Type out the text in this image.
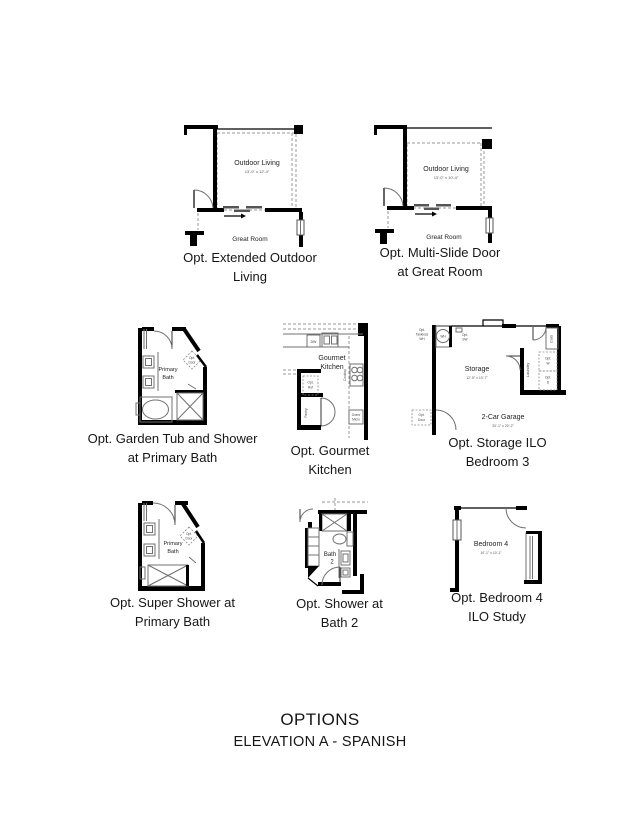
Outdoor Living
13'-0" x 12'-4"
Great Room
Opt. Extended Outdoor
Living
Outdoor Living
13'-0" x 10'-4"
Great Room
Opt. Multi-Slide Door
at Great Room
Opt.
Door
Primary
Bath
Opt. Garden Tub and Shower
at Primary Bath
DW
Cooktop
Oven/
Micro
Opt.
Ref
Pantry
Gourmet
Kitchen
Opt. Gourmet
Kitchen
WH
Opt.
Tankless
WH
Opt.
SW	Coats
Laundry
Opt.
W
Opt.
D
Opt.
Door
Storage
12'-5" x 10'-7"
2-Car Garage
20'-1" x 20'-2"
Opt. Storage ILO
Bedroom 3
Opt.
Door
Primary
Bath
Opt. Super Shower at
Primary Bath
Bath
2
Opt. Shower at
Bath 2
Bedroom 4
10'-1" x 10'-1"
Opt. Bedroom 4
ILO Study
OPTIONS
ELEVATION A - SPANISH
